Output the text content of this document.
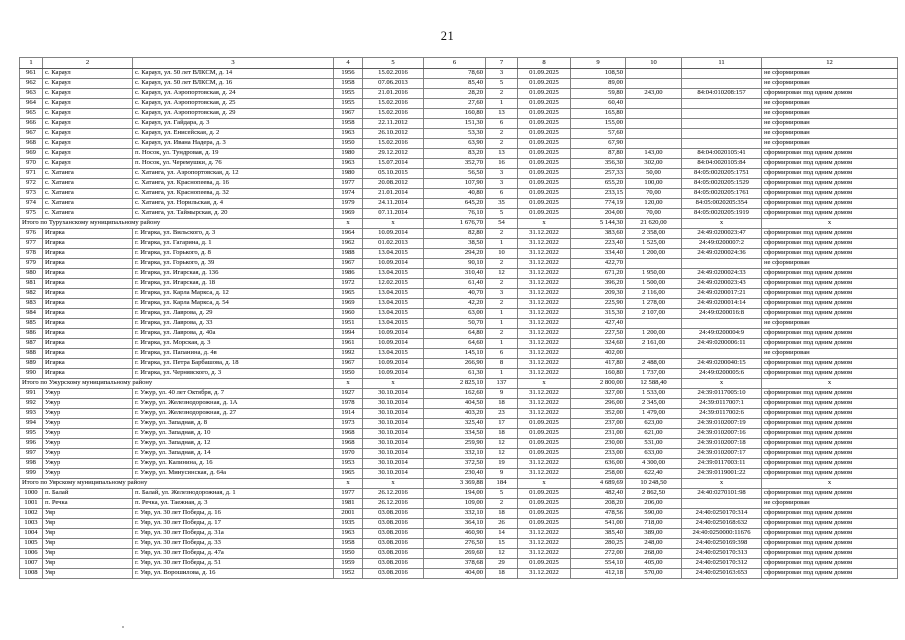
21
1	2	3	4	5	6	7	8	9	10	11	12
961	с. Караул	с. Караул, ул. 50 лет ВЛКСМ, д. 14	1956	15.02.2016	78,60	3	01.09.2025	108,50			не сформирован
962	с. Караул	с. Караул, ул. 50 лет ВЛКСМ, д. 16	1958	07.06.2013	85,40	5	01.09.2025	89,00			не сформирован
963	с. Караул	с. Караул, ул. Аэропортовская, д. 24	1955	21.01.2016	28,20	2	01.09.2025	59,80	243,00	84:04:010208:157	сформирован под одним домом
964	с. Караул	с. Караул, ул. Аэропортовская, д. 25	1955	15.02.2016	27,60	1	01.09.2025	60,40			не сформирован
965	с. Караул	с. Караул, ул. Аэропортовская, д. 29	1967	15.02.2016	160,80	13	01.09.2025	165,80			не сформирован
966	с. Караул	с. Караул, ул. Гайдара, д. 3	1958	22.11.2012	151,30	6	01.09.2025	155,00			не сформирован
967	с. Караул	с. Караул, ул. Енисейская, д. 2	1963	26.10.2012	53,30	2	01.09.2025	57,60			не сформирован
968	с. Караул	с. Караул, ул. Ивана Надера, д. 3	1950	15.02.2016	63,90	2	01.09.2025	67,90			не сформирован
969	с. Караул	п. Носок, ул. Тундровая, д. 19	1980	29.12.2012	83,20	13	01.09.2025	87,80	143,00	84:04:0020105:41	сформирован под одним домом
970	с. Караул	п. Носок, ул. Черемушки, д. 76	1963	15.07.2014	352,70	16	01.09.2025	356,30	302,00	84:04:0020105:84	сформирован под одним домом
971	с. Хатанга	с. Хатанга, ул. Аэропортовская, д. 12	1980	05.10.2015	56,50	3	01.09.2025	257,33	50,00	84:05:0020205:1751	сформирован под одним домом
972	с. Хатанга	с. Хатанга, ул. Краснопеева, д. 16	1977	20.08.2012	107,90	3	01.09.2025	655,20	100,00	84:05:0020205:1529	сформирован под одним домом
973	с. Хатанга	с. Хатанга, ул. Краснопеева, д. 32	1974	21.01.2014	40,80	6	01.09.2025	233,15	70,00	84:05:0020205:1761	сформирован под одним домом
974	с. Хатанга	с. Хатанга, ул. Норильская, д. 4	1979	24.11.2014	645,20	35	01.09.2025	774,19	120,00	84:05:0020205:354	сформирован под одним домом
975	с. Хатанга	с. Хатанга, ул. Таймырская, д. 20	1969	07.11.2014	76,10	5	01.09.2025	204,00	70,00	84:05:0020205:1919	сформирован под одним домом
Итого по Туруханскому муниципальному району			х	х	1 676,70	54	х	5 144,30	21 620,00	х	х
976	Игарка	г. Игарка, ул. Вильского, д. 3	1964	10.09.2014	82,80	2	31.12.2022	383,60	2 358,00	24:49:0200023:47	сформирован под одним домом
977	Игарка	г. Игарка, ул. Гагарина, д. 1	1962	01.02.2013	38,50	1	31.12.2022	223,40	1 525,00	24:49:0200007:2	сформирован под одним домом
978	Игарка	г. Игарка, ул. Горького, д. 8	1988	13.04.2015	294,20	10	31.12.2022	334,40	1 200,00	24:49:0200024:36	сформирован под одним домом
979	Игарка	г. Игарка, ул. Горького, д. 39	1967	10.09.2014	90,10	2	31.12.2022	422,70			не сформирован
980	Игарка	г. Игарка, ул. Игарская, д. 136	1986	13.04.2015	310,40	12	31.12.2022	671,20	1 950,00	24:49:0200024:33	сформирован под одним домом
981	Игарка	г. Игарка, ул. Игарская, д. 18	1972	12.02.2015	61,40	2	31.12.2022	396,20	1 500,00	24:49:0200023:43	сформирован под одним домом
982	Игарка	г. Игарка, ул. Карла Маркса, д. 12	1965	13.04.2015	40,70	3	31.12.2022	209,30	2 116,00	24:49:0200017:21	сформирован под одним домом
983	Игарка	г. Игарка, ул. Карла Маркса, д. 54	1969	13.04.2015	42,20	2	31.12.2022	225,90	1 278,00	24:49:0200014:14	сформирован под одним домом
984	Игарка	г. Игарка, ул. Лаврова, д. 29	1960	13.04.2015	63,00	1	31.12.2022	315,30	2 107,00	24:49:0200016:8	сформирован под одним домом
985	Игарка	г. Игарка, ул. Лаврова, д. 33	1951	13.04.2015	50,70	1	31.12.2022	427,40			не сформирован
986	Игарка	г. Игарка, ул. Лаврова, д. 40а	1994	10.09.2014	64,80	2	31.12.2022	227,50	1 200,00	24:49:0200004:9	сформирован под одним домом
987	Игарка	г. Игарка, ул. Морская, д. 3	1961	10.09.2014	64,60	1	31.12.2022	324,60	2 161,00	24:49:0200006:11	сформирован под одним домом
988	Игарка	г. Игарка, ул. Папанина, д. 4в	1992	13.04.2015	145,10	6	31.12.2022	402,00			не сформирован
989	Игарка	г. Игарка, ул. Петра Барбашова, д. 18	1967	10.09.2014	266,90	8	31.12.2022	417,80	2 488,00	24:49:0200040:15	сформирован под одним домом
990	Игарка	г. Игарка, ул. Чернявского, д. 3	1950	10.09.2014	61,30	1	31.12.2022	160,80	1 737,00	24:49:0200005:6	сформирован под одним домом
Итого по Ужурскому муниципальному району			х	х	2 825,10	137	х	2 800,00	12 588,40	х	х
991	Ужур	г. Ужур, ул. 40 лет Октября, д. 7	1927	30.10.2014	162,60	9	31.12.2022	327,00	1 533,00	24:39:0117005:10	сформирован под одним домом
992	Ужур	г. Ужур, ул. Железнодорожная, д. 1А	1978	30.10.2014	404,50	18	31.12.2022	296,00	2 345,00	24:39:0117007:1	сформирован под одним домом
993	Ужур	г. Ужур, ул. Железнодорожная, д. 27	1914	30.10.2014	403,20	23	31.12.2022	352,00	1 479,00	24:39:0117002:6	сформирован под одним домом
994	Ужур	г. Ужур, ул. Западная, д. 8	1973	30.10.2014	325,40	17	01.09.2025	237,00	623,00	24:39:0102007:19	сформирован под одним домом
995	Ужур	г. Ужур, ул. Западная, д. 10	1968	30.10.2014	334,50	18	01.09.2025	231,00	621,00	24:39:0102007:16	сформирован под одним домом
996	Ужур	г. Ужур, ул. Западная, д. 12	1968	30.10.2014	259,90	12	01.09.2025	230,00	531,00	24:39:0102007:18	сформирован под одним домом
997	Ужур	г. Ужур, ул. Западная, д. 14	1970	30.10.2014	332,10	12	01.09.2025	233,00	633,00	24:39:0102007:17	сформирован под одним домом
998	Ужур	г. Ужур, ул. Калинина, д. 16	1953	30.10.2014	372,50	19	31.12.2022	636,00	4 300,00	24:39:0117003:11	сформирован под одним домом
999	Ужур	г. Ужур, ул. Минусинская, д. 64а	1965	30.10.2014	230,40	9	31.12.2022	258,00	622,40	24:39:0119001:22	сформирован под одним домом
Итого по Уярскому муниципальному району			х	х	3 369,88	184	х	4 689,69	10 248,50	х	х
1000	п. Балай	п. Балай, ул. Железнодорожная, д. 1	1977	26.12.2016	194,00	5	01.09.2025	482,40	2 862,50	24:40:0270101:98	сформирован под одним домом
1001	п. Речка	п. Речка, ул. Таежная, д. 3	1981	26.12.2016	109,00	2	01.09.2025	208,20	206,00		не сформирован
1002	Уяр	г. Уяр, ул. 30 лет Победы, д. 16	2001	03.08.2016	332,10	18	01.09.2025	478,56	590,00	24:40:0250170:314	сформирован под одним домом
1003	Уяр	г. Уяр, ул. 30 лет Победы, д. 17	1935	03.08.2016	364,10	26	01.09.2025	541,00	718,00	24:40:0250168:632	сформирован под одним домом
1004	Уяр	г. Уяр, ул. 30 лет Победы, д. 31а	1963	03.08.2016	460,90	14	31.12.2022	385,40	389,00	24:40:0250000:11676	сформирован под одним домом
1005	Уяр	г. Уяр, ул. 30 лет Победы, д. 33	1958	03.08.2016	276,50	15	31.12.2022	280,25	248,00	24:40:0250169:398	сформирован под одним домом
1006	Уяр	г. Уяр, ул. 30 лет Победы, д. 47а	1950	03.08.2016	269,60	12	31.12.2022	272,00	268,00	24:40:0250170:313	сформирован под одним домом
1007	Уяр	г. Уяр, ул. 30 лет Победы, д. 51	1959	03.08.2016	378,68	29	01.09.2025	554,10	405,00	24:40:0250170:312	сформирован под одним домом
1008	Уяр	г. Уяр, ул. Ворошилова, д. 16	1952	03.08.2016	404,00	18	31.12.2022	412,18	570,00	24:40:0250163:653	сформирован под одним домом
